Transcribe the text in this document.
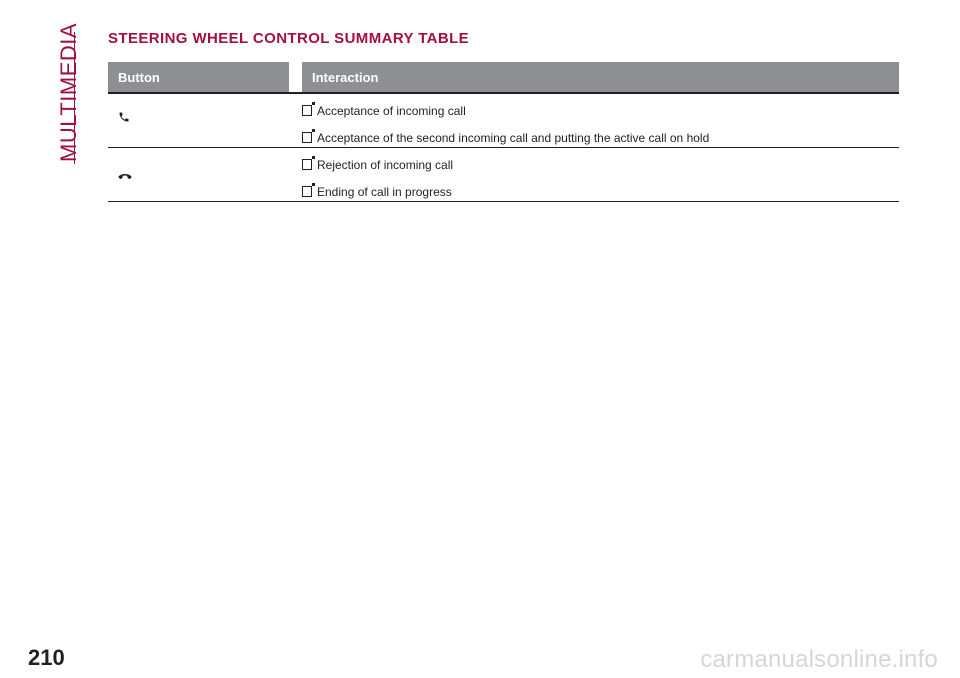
MULTIMEDIA STEERING WHEEL CONTROL SUMMARY TABLE
Button	Interaction
Acceptance of incoming call
Acceptance of the second incoming call and putting the active call on hold
Rejection of incoming call
Ending of call in progress
210	carmanualsonline.info
